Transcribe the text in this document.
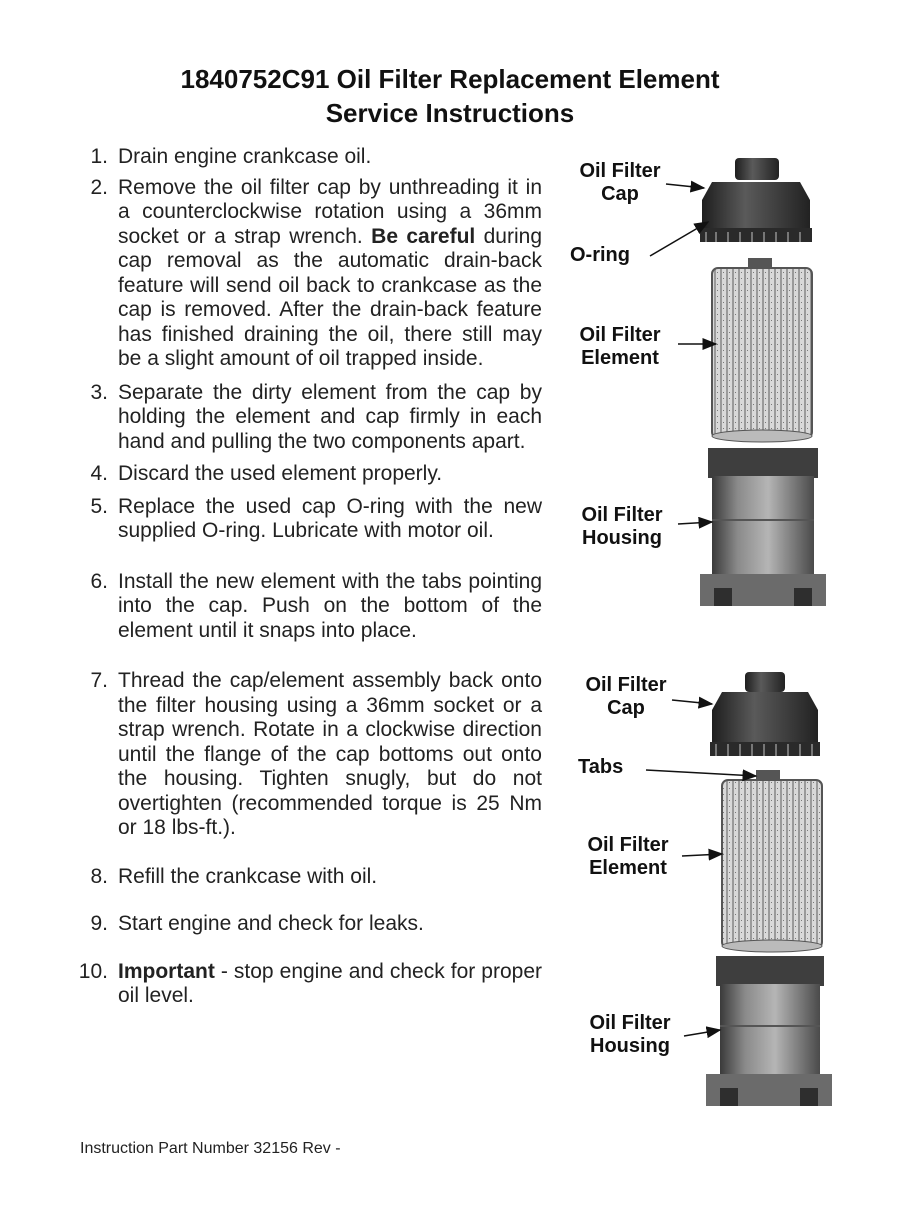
1840752C91 Oil Filter Replacement Element
Service Instructions
1. Drain engine crankcase oil.
2. Remove the oil filter cap by unthreading it in a counterclockwise rotation using a 36mm socket or a strap wrench. Be careful during cap removal as the automatic drain-back feature will send oil back to crankcase as the cap is removed. After the drain-back feature has finished draining the oil, there still may be a slight amount of oil trapped inside.
3. Separate the dirty element from the cap by holding the element and cap firmly in each hand and pulling the two components apart.
4. Discard the used element properly.
5. Replace the used cap O-ring with the new supplied O-ring. Lubricate with motor oil.
6. Install the new element with the tabs pointing into the cap. Push on the bottom of the element until it snaps into place.
7. Thread the cap/element assembly back onto the filter housing using a 36mm socket or a strap wrench. Rotate in a clockwise direction until the flange of the cap bottoms out onto the housing. Tighten snugly, but do not overtighten (recommended torque is 25 Nm or 18 lbs-ft.).
8. Refill the crankcase with oil.
9. Start engine and check for leaks.
10. Important - stop engine and check for proper oil level.
Oil Filter
Cap
O-ring
Oil Filter
Element
Oil Filter
Housing
Oil Filter
Cap
Tabs
Oil Filter
Element
Oil Filter
Housing
Instruction Part Number 32156 Rev -
